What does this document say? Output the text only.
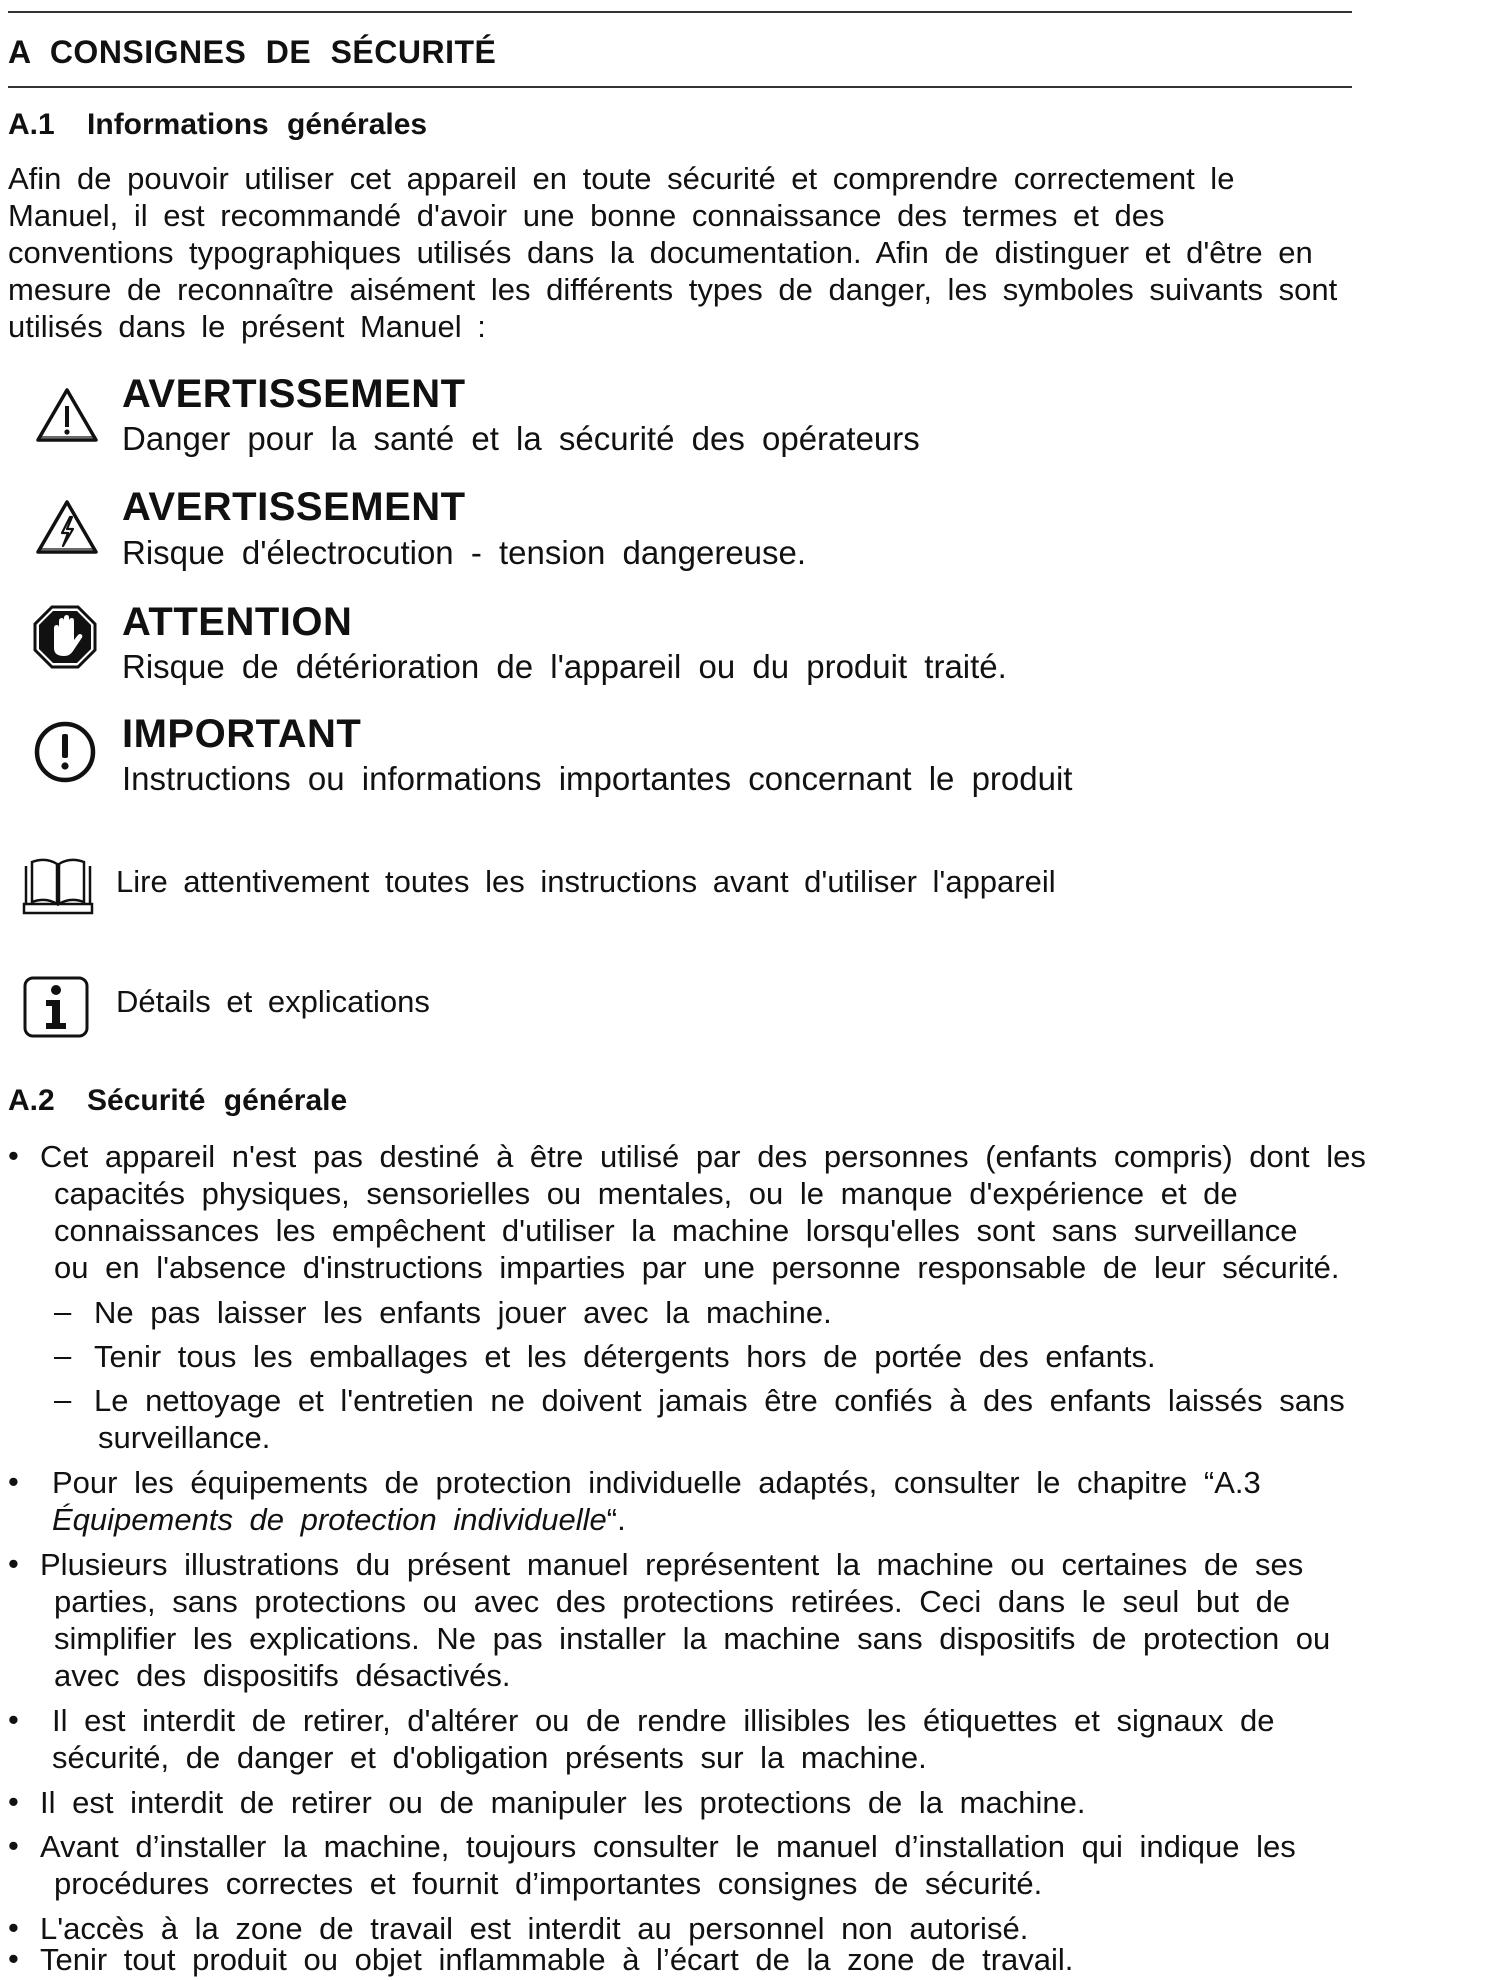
A CONSIGNES DE SÉCURITÉ
A.1 Informations générales
Afin de pouvoir utiliser cet appareil en toute sécurité et comprendre correctement le
Manuel, il est recommandé d'avoir une bonne connaissance des termes et des
conventions typographiques utilisés dans la documentation. Afin de distinguer et d'être en
mesure de reconnaître aisément les différents types de danger, les symboles suivants sont
utilisés dans le présent Manuel :
AVERTISSEMENT
Danger pour la santé et la sécurité des opérateurs
AVERTISSEMENT
Risque d'électrocution - tension dangereuse.
ATTENTION
Risque de détérioration de l'appareil ou du produit traité.
IMPORTANT
Instructions ou informations importantes concernant le produit
Lire attentivement toutes les instructions avant d'utiliser l'appareil
Détails et explications
A.2 Sécurité générale
• Cet appareil n'est pas destiné à être utilisé par des personnes (enfants compris) dont les
capacités physiques, sensorielles ou mentales, ou le manque d'expérience et de
connaissances les empêchent d'utiliser la machine lorsqu'elles sont sans surveillance
ou en l'absence d'instructions imparties par une personne responsable de leur sécurité.
– Ne pas laisser les enfants jouer avec la machine.
– Tenir tous les emballages et les détergents hors de portée des enfants.
– Le nettoyage et l'entretien ne doivent jamais être confiés à des enfants laissés sans
surveillance.
• Pour les équipements de protection individuelle adaptés, consulter le chapitre “A.3
Équipements de protection individuelle“.
• Plusieurs illustrations du présent manuel représentent la machine ou certaines de ses
parties, sans protections ou avec des protections retirées. Ceci dans le seul but de
simplifier les explications. Ne pas installer la machine sans dispositifs de protection ou
avec des dispositifs désactivés.
• Il est interdit de retirer, d'altérer ou de rendre illisibles les étiquettes et signaux de
sécurité, de danger et d'obligation présents sur la machine.
• Il est interdit de retirer ou de manipuler les protections de la machine.
• Avant d’installer la machine, toujours consulter le manuel d’installation qui indique les
procédures correctes et fournit d’importantes consignes de sécurité.
• L'accès à la zone de travail est interdit au personnel non autorisé.
• Tenir tout produit ou objet inflammable à l’écart de la zone de travail.
